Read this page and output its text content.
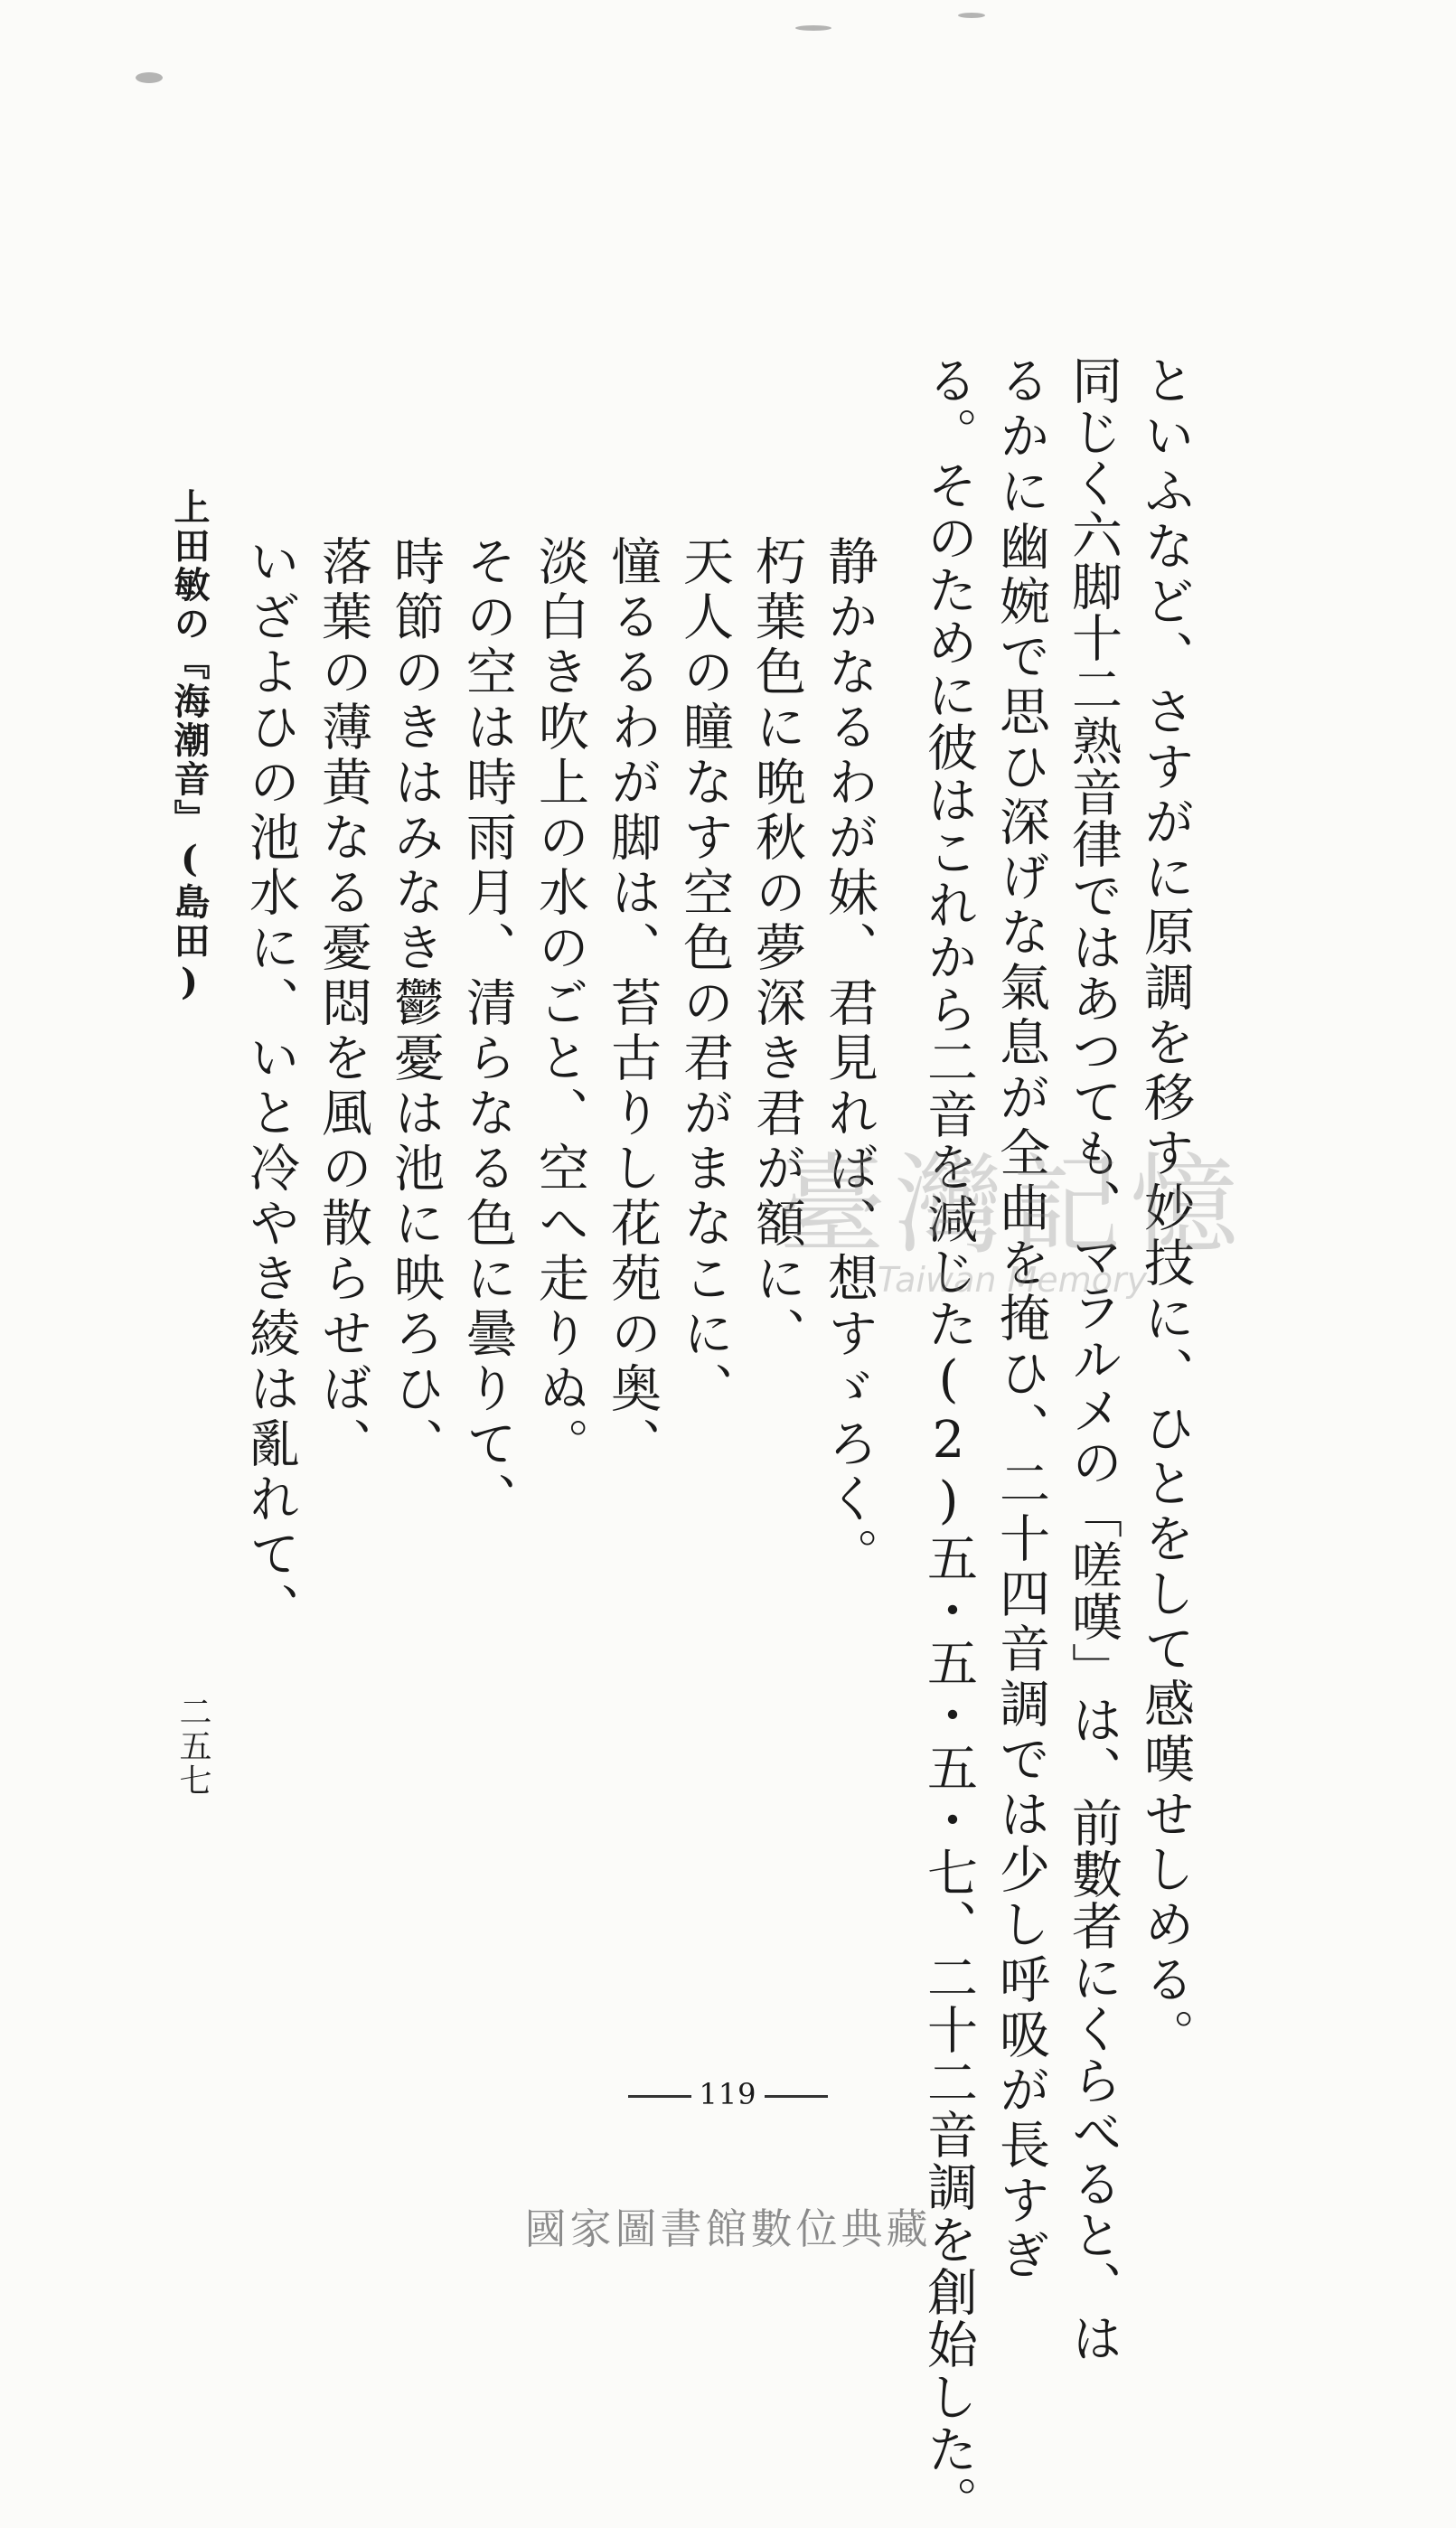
といふなど、さすがに原調を移す妙技に、ひとをして感嘆せしめる。
同じく六脚十二熟音律ではあつても、マラルメの「嗟嘆」は、前數者にくらべると、は
るかに幽婉で思ひ深げな氣息が全曲を掩ひ、二十四音調では少し呼吸が長すぎ
る。そのために彼はこれから二音を減じた(2)五・五・五・七、二十二音調を創始した。
静かなるわが妹、君見れば、想すゞろく。
朽葉色に晩秋の夢深き君が額に、
天人の瞳なす空色の君がまなこに、
憧るるわが脚は、苔古りし花苑の奥、
淡白き吹上の水のごと、空へ走りぬ。
その空は時雨月、清らなる色に曇りて、
時節のきはみなき鬱憂は池に映ろひ、
落葉の薄黄なる憂悶を風の散らせば、
いざよひの池水に、いと冷やき綾は亂れて、
上田敏の『海潮音』(島田)
二五七
119
臺灣記憶
Taiwan Memory
國家圖書館數位典藏
